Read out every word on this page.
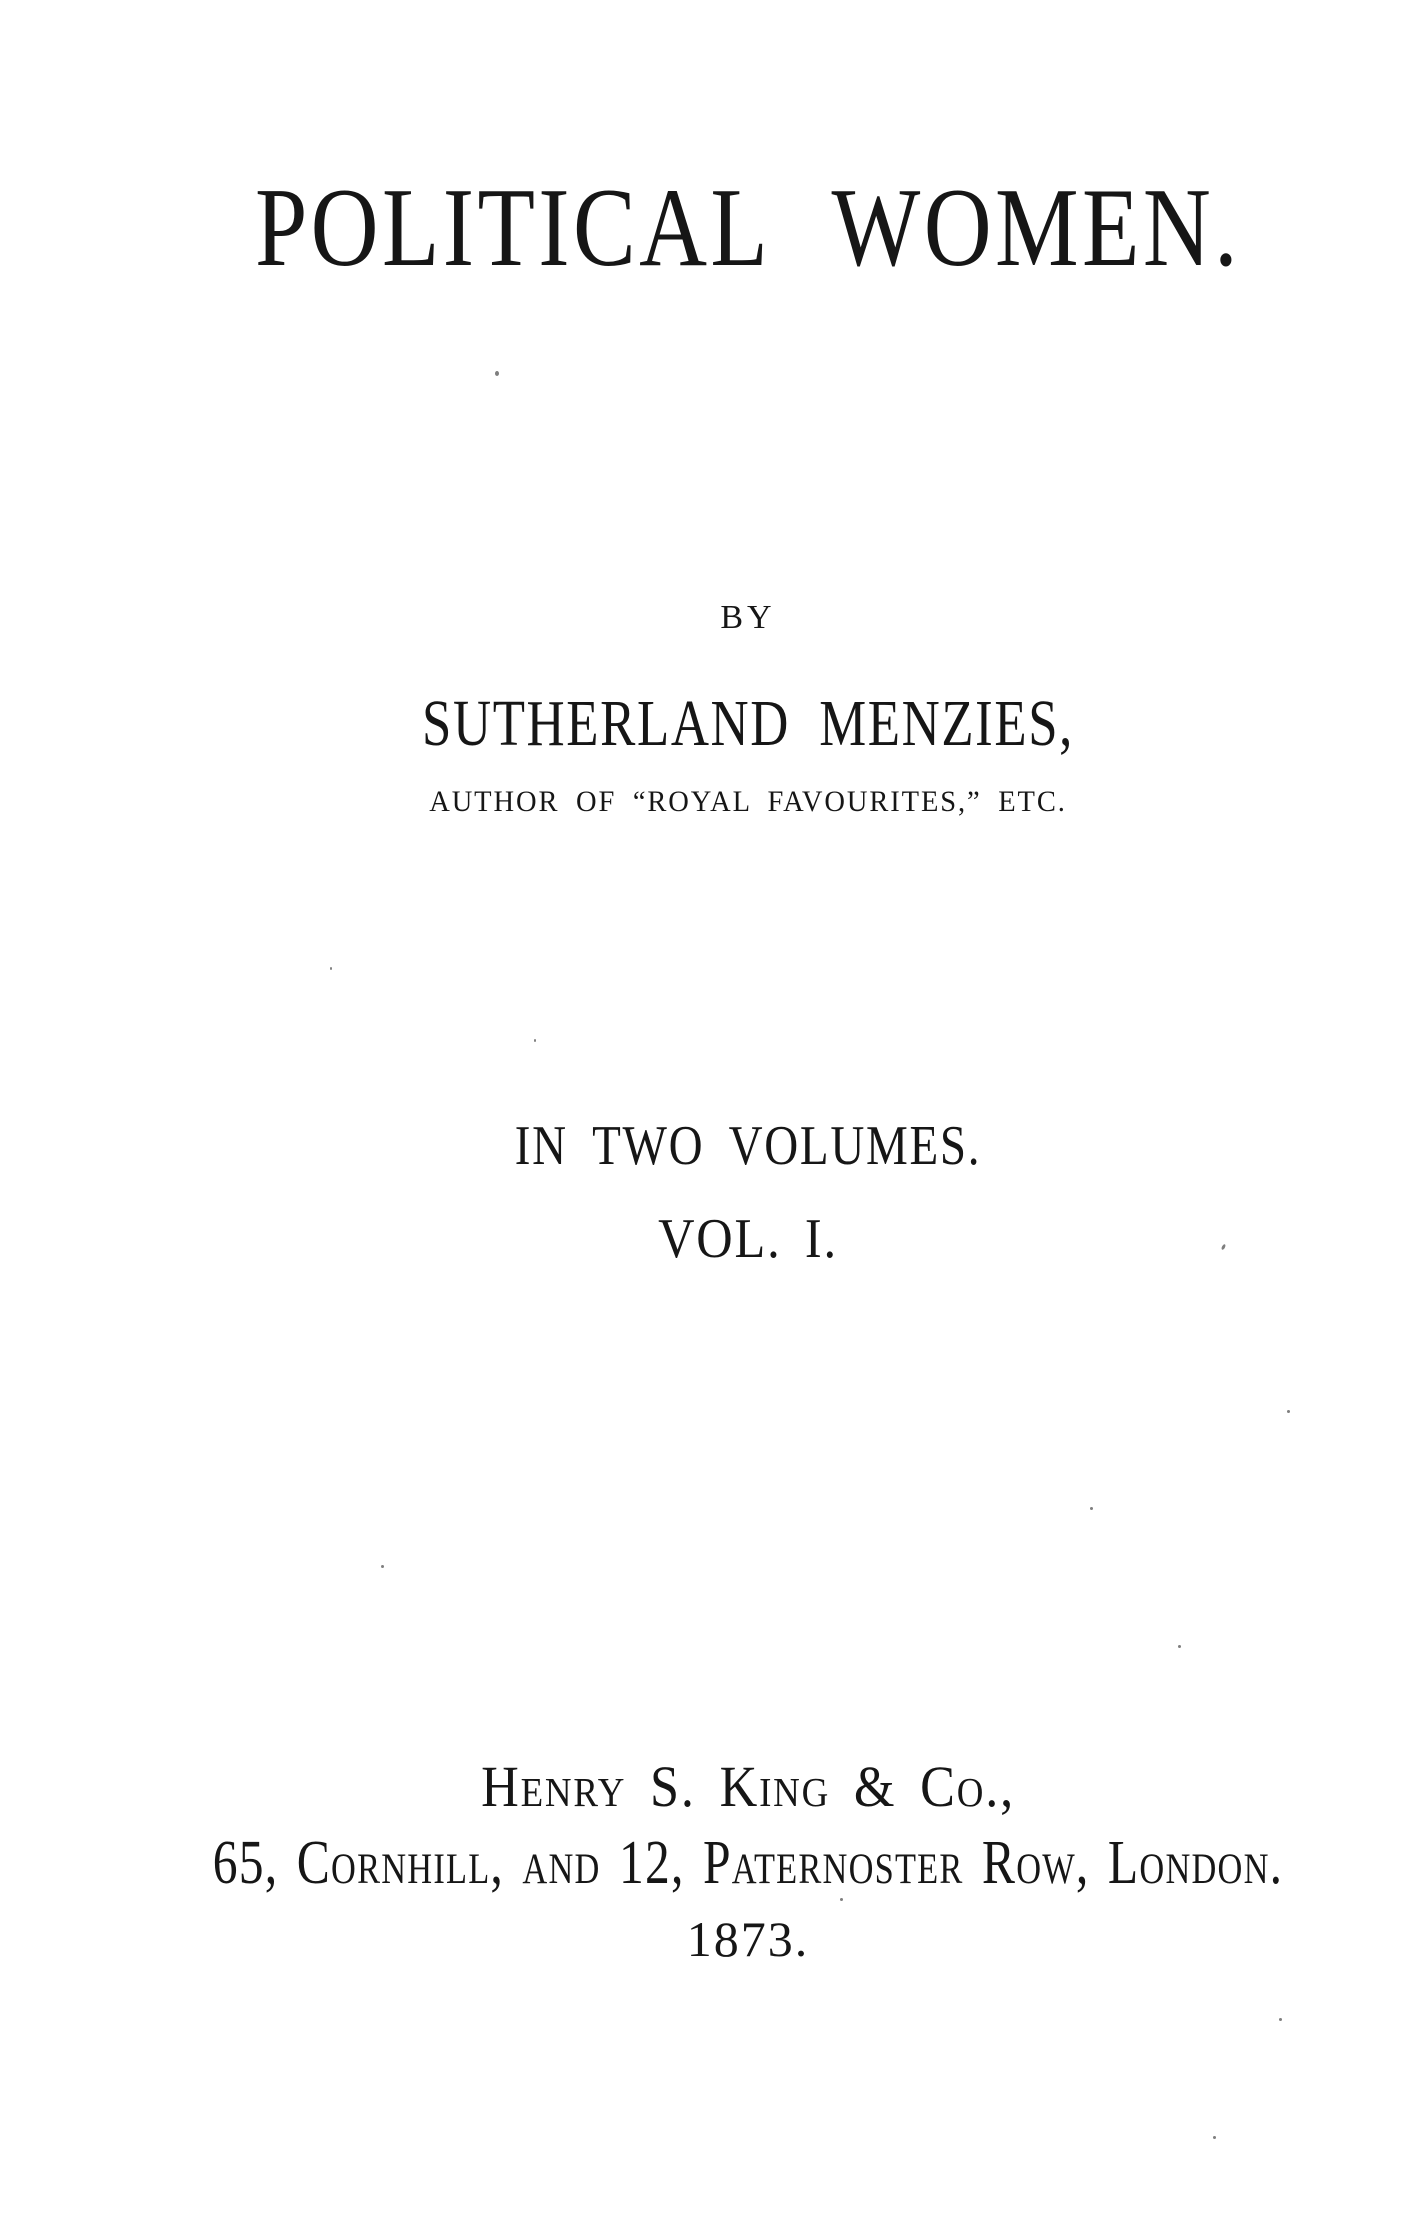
POLITICAL WOMEN.
BY
SUTHERLAND MENZIES,
AUTHOR OF “ROYAL FAVOURITES,” ETC.
IN TWO VOLUMES.
VOL. I.
Henry S. King & Co.,
65, Cornhill, and 12, Paternoster Row, London.
1873.
